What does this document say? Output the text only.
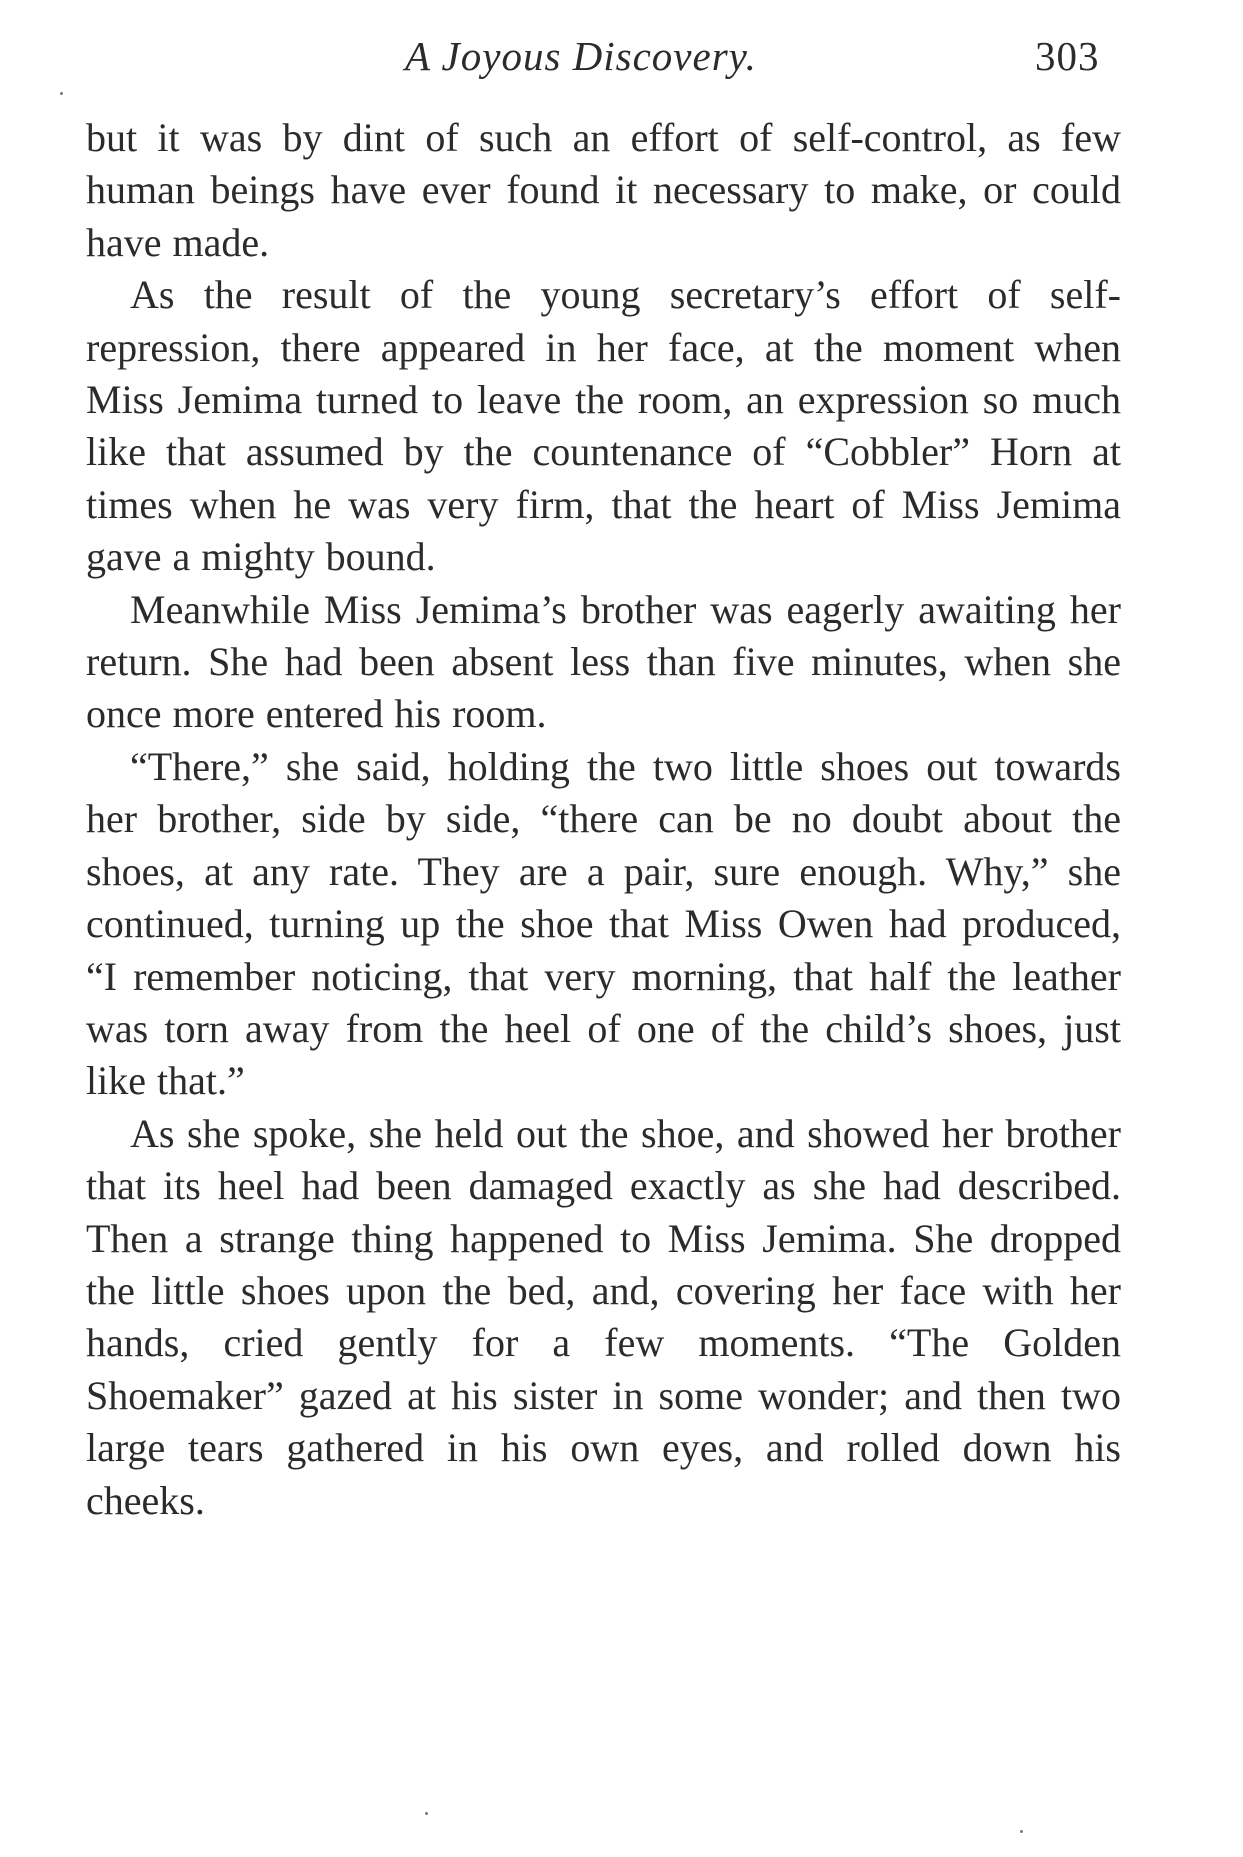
A Joyous Discovery.	303

but it was by dint of such an effort of self-control, as few human beings have ever found it necessary to make, or could have made.

As the result of the young secretary’s effort of self-repression, there appeared in her face, at the moment when Miss Jemima turned to leave the room, an expression so much like that assumed by the countenance of “Cobbler” Horn at times when he was very firm, that the heart of Miss Jemima gave a mighty bound.

Meanwhile Miss Jemima’s brother was eagerly awaiting her return. She had been absent less than five minutes, when she once more entered his room.

“There,” she said, holding the two little shoes out towards her brother, side by side, “there can be no doubt about the shoes, at any rate. They are a pair, sure enough. Why,” she continued, turning up the shoe that Miss Owen had produced, “I remember noticing, that very morning, that half the leather was torn away from the heel of one of the child’s shoes, just like that.”

As she spoke, she held out the shoe, and showed her brother that its heel had been damaged exactly as she had described. Then a strange thing happened to Miss Jemima. She dropped the little shoes upon the bed, and, covering her face with her hands, cried gently for a few moments. “The Golden Shoemaker” gazed at his sister in some wonder; and then two large tears gathered in his own eyes, and rolled down his cheeks.
